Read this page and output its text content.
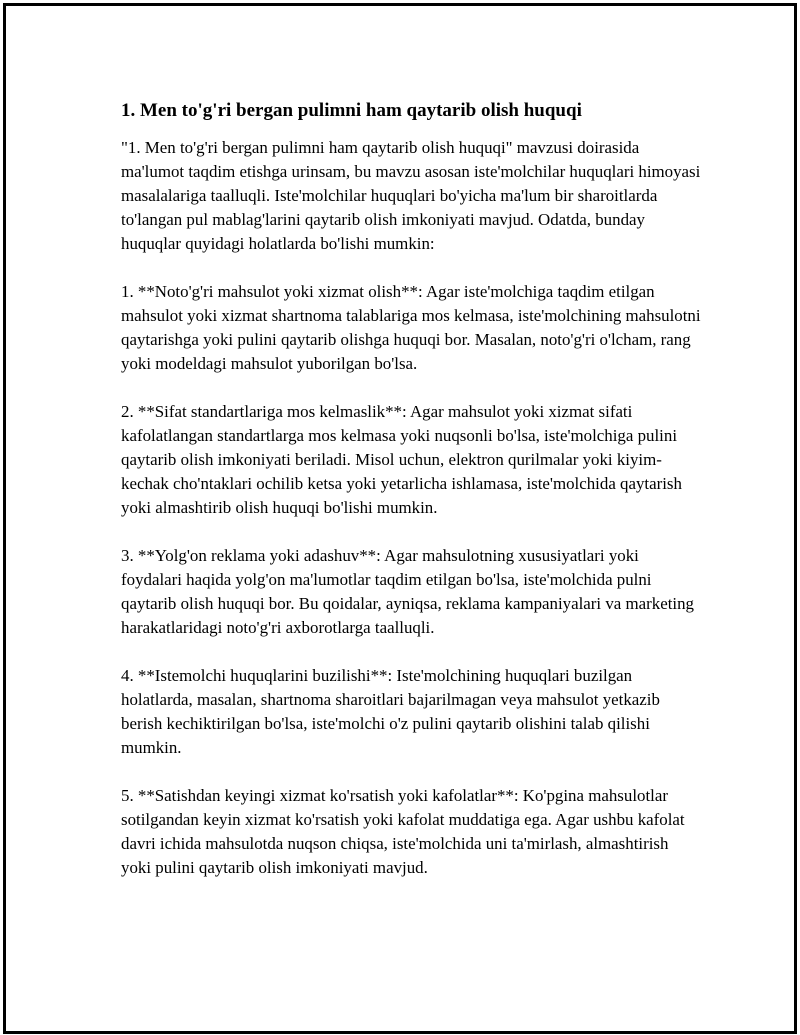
1. Men to'g'ri bergan pulimni ham qaytarib olish huquqi

"1. Men to'g'ri bergan pulimni ham qaytarib olish huquqi" mavzusi doirasida ma'lumot taqdim etishga urinsam, bu mavzu asosan iste'molchilar huquqlari himoyasi masalalariga taalluqli. Iste'molchilar huquqlari bo'yicha ma'lum bir sharoitlarda to'langan pul mablag'larini qaytarib olish imkoniyati mavjud. Odatda, bunday huquqlar quyidagi holatlarda bo'lishi mumkin:

1. **Noto'g'ri mahsulot yoki xizmat olish**: Agar iste'molchiga taqdim etilgan mahsulot yoki xizmat shartnoma talablariga mos kelmasa, iste'molchining mahsulotni qaytarishga yoki pulini qaytarib olishga huquqi bor. Masalan, noto'g'ri o'lcham, rang yoki modeldagi mahsulot yuborilgan bo'lsa.

2. **Sifat standartlariga mos kelmaslik**: Agar mahsulot yoki xizmat sifati kafolatlangan standartlarga mos kelmasa yoki nuqsonli bo'lsa, iste'molchiga pulini qaytarib olish imkoniyati beriladi. Misol uchun, elektron qurilmalar yoki kiyim-kechak cho'ntaklari ochilib ketsa yoki yetarlicha ishlamasa, iste'molchida qaytarish yoki almashtirib olish huquqi bo'lishi mumkin.

3. **Yolg'on reklama yoki adashuv**: Agar mahsulotning xususiyatlari yoki foydalari haqida yolg'on ma'lumotlar taqdim etilgan bo'lsa, iste'molchida pulni qaytarib olish huquqi bor. Bu qoidalar, ayniqsa, reklama kampaniyalari va marketing harakatlaridagi noto'g'ri axborotlarga taalluqli.

4. **Istemolchi huquqlarini buzilishi**: Iste'molchining huquqlari buzilgan holatlarda, masalan, shartnoma sharoitlari bajarilmagan veya mahsulot yetkazib berish kechiktirilgan bo'lsa, iste'molchi o'z pulini qaytarib olishini talab qilishi mumkin.

5. **Satishdan keyingi xizmat ko'rsatish yoki kafolatlar**: Ko'pgina mahsulotlar sotilgandan keyin xizmat ko'rsatish yoki kafolat muddatiga ega. Agar ushbu kafolat davri ichida mahsulotda nuqson chiqsa, iste'molchida uni ta'mirlash, almashtirish yoki pulini qaytarib olish imkoniyati mavjud.
